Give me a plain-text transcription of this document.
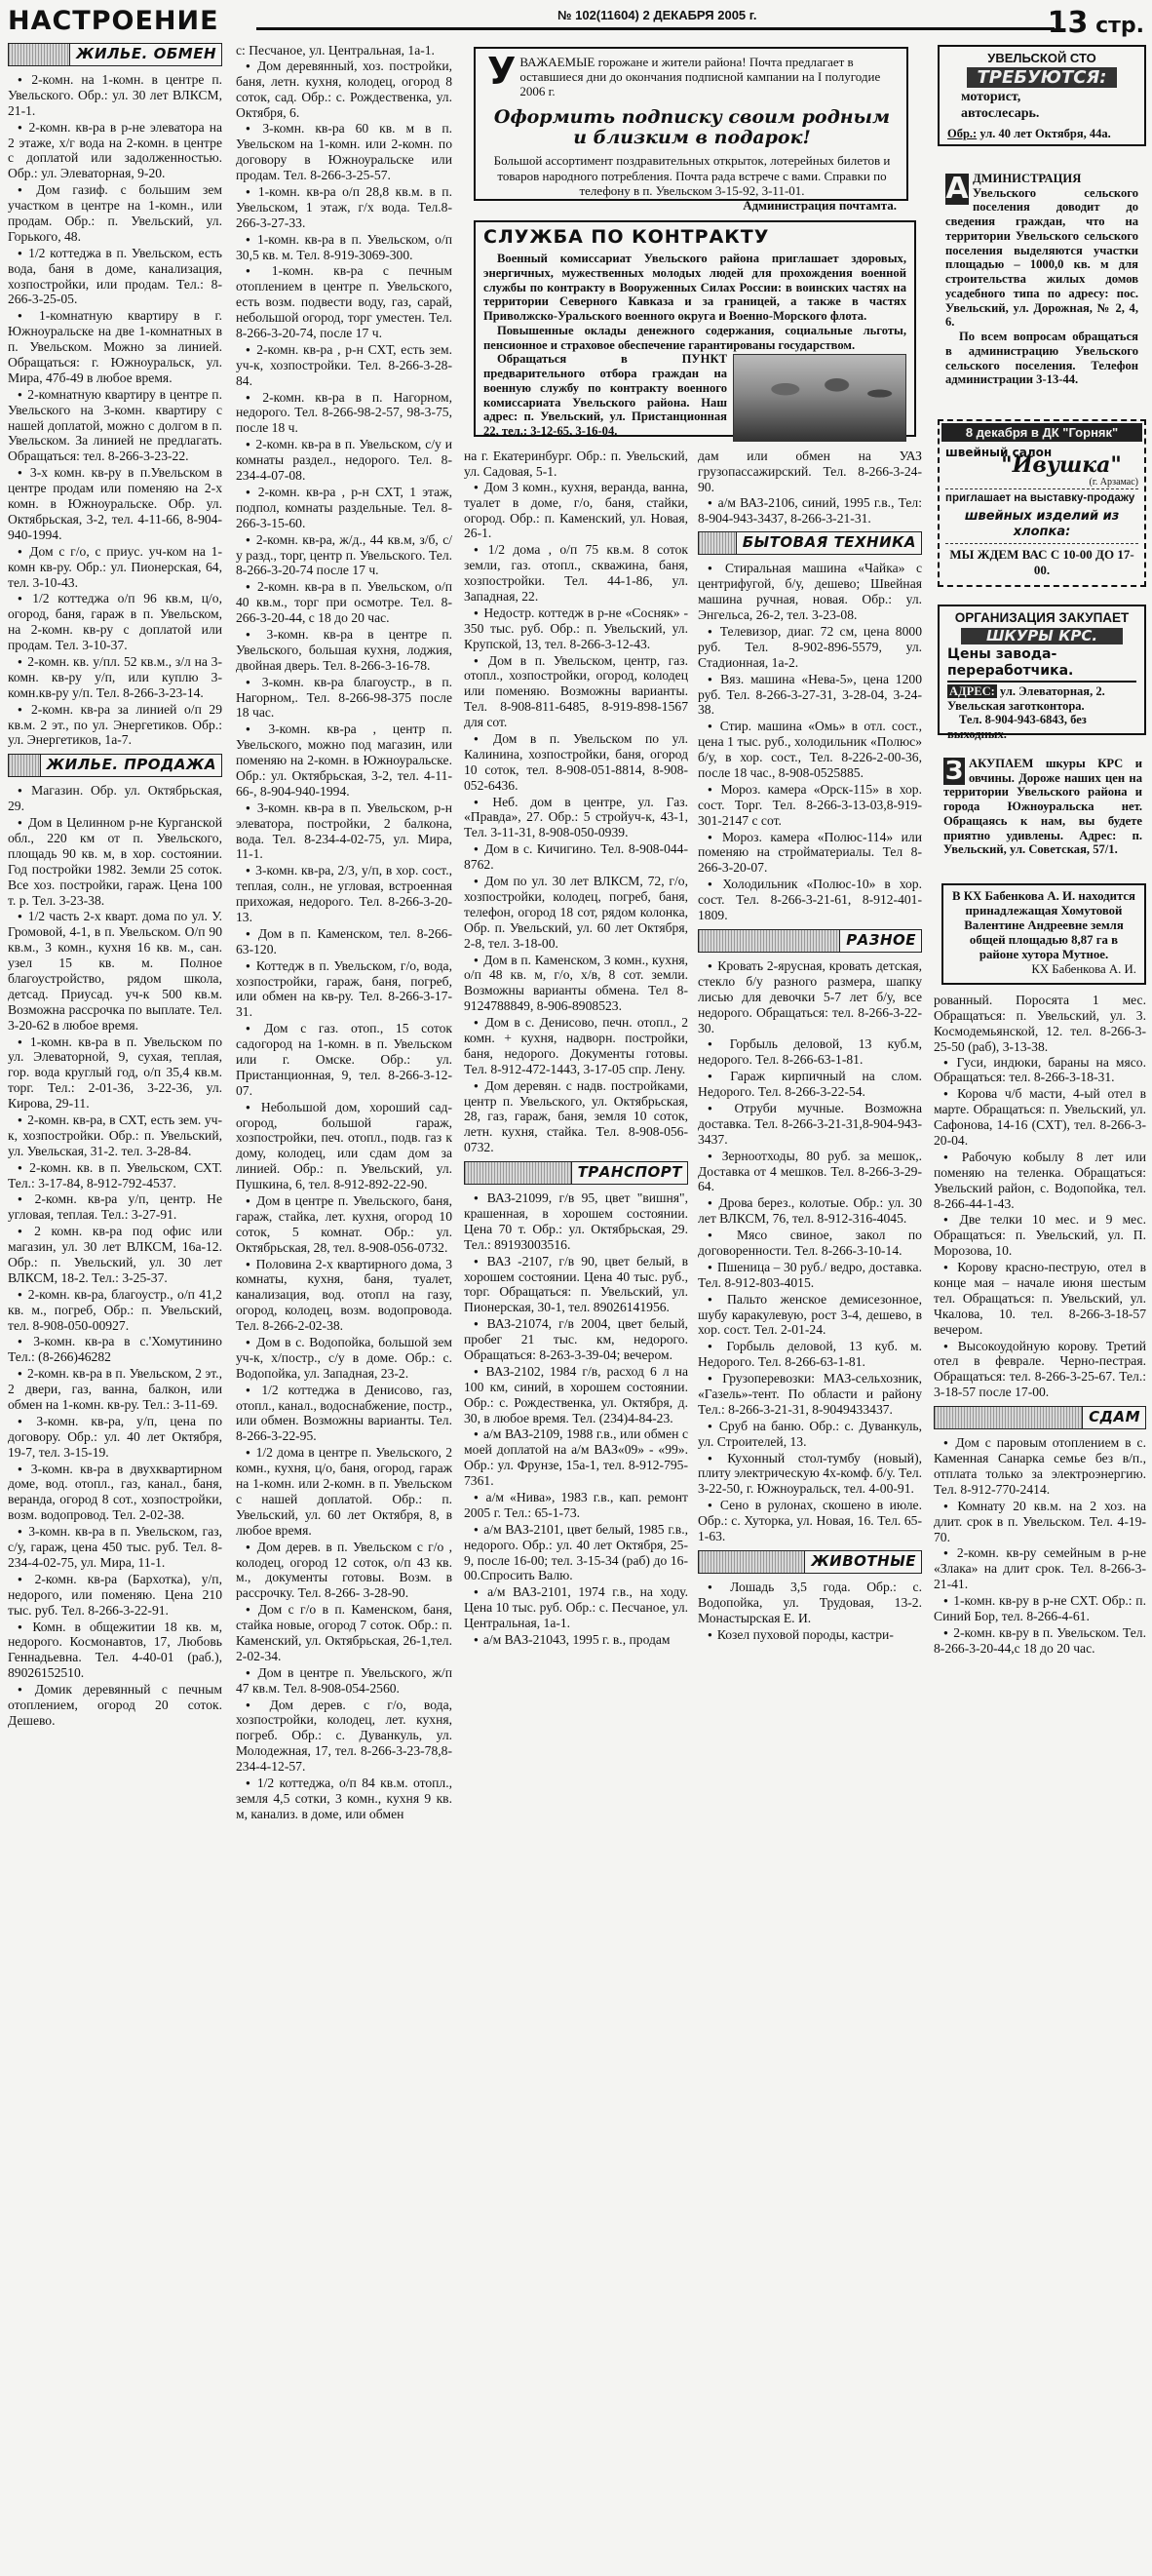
НАСТРОЕНИЕ	№ 102(11604) 2 ДЕКАБРЯ 2005 г.	13 стр.
ЖИЛЬЕ. ОБМЕН

● 2-комн. на 1-комн. в центре п. Увельского. Обр.: ул. 30 лет ВЛКСМ, 21-1.

● 2-комн. кв-ра в р-не элеватора на 2 этаже, х/г вода на 2-комн. в центре с доплатой или задолженностью. Обр.: ул. Элеваторная, 9-20.

● Дом газиф. с большим зем участком в центре на 1-комн., или продам. Обр.: п. Увельский, ул. Горького, 48.

● 1/2 коттеджа в п. Увельском, есть вода, баня в доме, канализация, хозпостройки, или продам. Тел.: 8-266-3-25-05.

● 1-комнатную квартиру в г. Южноуральске на две 1-комнатных в п. Увельском. Можно за линией. Обращаться: г. Южноуральск, ул. Мира, 47б-49 в любое время.

● 2-комнатную квартиру в центре п. Увельского на 3-комн. квартиру с нашей доплатой, можно с долгом в п. Увельском. За линией не предлагать. Обращаться: тел. 8-266-3-23-22.

● 3-х комн. кв-ру в п.Увельском в центре продам или поменяю на 2-х комн. в Южноуральске. Обр. ул. Октябрьская, 3-2, тел. 4-11-66, 8-904-940-1994.

● Дом с г/о, с приус. уч-ком на 1-комн кв-ру. Обр.: ул. Пионерская, 64, тел. 3-10-43.

● 1/2 коттеджа о/п 96 кв.м, ц/о, огород, баня, гараж в п. Увельском, на 2-комн. кв-ру с доплатой или продам. Тел. 3-10-37.

● 2-комн. кв. у/пл. 52 кв.м., з/л на 3-комн. кв-ру у/п, или куплю 3-комн.кв-ру у/п. Тел. 8-266-3-23-14.

● 2-комн. кв-ра за линией о/п 29 кв.м. 2 эт., по ул. Энергетиков. Обр.: ул. Энергетиков, 1а-7.

ЖИЛЬЕ. ПРОДАЖА

● Магазин. Обр. ул. Октябрьская, 29.

● Дом в Целинном р-не Курганской обл., 220 км от п. Увельского, площадь 90 кв. м, в хор. состоянии. Год постройки 1982. Земли 25 соток. Все хоз. постройки, гараж. Цена 100 т. р. Тел. 3-23-38.

● 1/2 часть 2-х кварт. дома по ул. У. Громовой, 4-1, в п. Увельском. О/п 90 кв.м., 3 комн., кухня 16 кв. м., сан. узел 15 кв. м. Полное благоустройство, рядом школа, детсад. Приусад. уч-к 500 кв.м. Возможна рассрочка по выплате. Тел. 3-20-62 в любое время.

● 1-комн. кв-ра в п. Увельском по ул. Элеваторной, 9, сухая, теплая, гор. вода круглый год, о/п 35,4 кв.м. торг. Тел.: 2-01-36, 3-22-36, ул. Кирова, 29-11.

● 2-комн. кв-ра, в СХТ, есть зем. уч-к, хозпостройки. Обр.: п. Увельский, ул. Увельская, 31-2. тел. 3-28-84.

● 2-комн. кв. в п. Увельском, СХТ. Тел.: 3-17-84, 8-912-792-4537.

● 2-комн. кв-ра у/п, центр. Не угловая, теплая. Тел.: 3-27-91.

● 2 комн. кв-ра под офис или магазин, ул. 30 лет ВЛКСМ, 16а-12. Обр.: п. Увельский, ул. 30 лет ВЛКСМ, 18-2. Тел.: 3-25-37.

● 2-комн. кв-ра, благоустр., о/п 41,2 кв. м., погреб, Обр.: п. Увельский, тел. 8-908-050-00927.

● 3-комн. кв-ра в с.'Хомутинино Тел.: (8-266)46282

● 2-комн. кв-ра в п. Увельском, 2 эт., 2 двери, газ, ванна, балкон, или обмен на 1-комн. кв-ру. Тел.: 3-11-69.

● 3-комн. кв-ра, у/п, цена по договору. Обр.: ул. 40 лет Октября, 19-7, тел. 3-15-19.

● 3-комн. кв-ра в двухквартирном доме, вод. отопл., газ, канал., баня, веранда, огород 8 сот., хозпостройки, возм. водопровод. Тел. 2-02-38.

● 3-комн. кв-ра в п. Увельском, газ, с/у, гараж, цена 450 тыс. руб. Тел. 8-234-4-02-75, ул. Мира, 11-1.

● 2-комн. кв-ра (Бархотка), у/п, недорого, или поменяю. Цена 210 тыс. руб. Тел. 8-266-3-22-91.

● Комн. в общежитии 18 кв. м, недорого. Космонавтов, 17, Любовь Геннадьевна. Тел. 4-40-01 (раб.), 89026152510.

● Домик деревянный с печным отоплением, огород 20 соток. Дешево.

с: Песчаное, ул. Центральная, 1а-1.

● Дом деревянный, хоз. постройки, баня, летн. кухня, колодец, огород 8 соток, сад. Обр.: с. Рождественка, ул. Октября, 6.

● 3-комн. кв-ра 60 кв. м в п. Увельском на 1-комн. или 2-комн. по договору в Южноуральске или продам. Тел. 8-266-3-25-57.

● 1-комн. кв-ра о/п 28,8 кв.м. в п. Увельском, 1 этаж, г/х вода. Тел.8-266-3-27-33.

● 1-комн. кв-ра в п. Увельском, о/п 30,5 кв. м. Тел. 8-919-3069-300.

● 1-комн. кв-ра с печным отоплением в центре п. Увельского, есть возм. подвести воду, газ, сарай, небольшой огород, торг уместен. Тел. 8-266-3-20-74, после 17 ч.

● 2-комн. кв-ра , р-н СХТ, есть зем. уч-к, хозпостройки. Тел. 8-266-3-28-84.

● 2-комн. кв-ра в п. Нагорном, недорого. Тел. 8-266-98-2-57, 98-3-75, после 18 ч.

● 2-комн. кв-ра в п. Увельском, с/у и комнаты раздел., недорого. Тел. 8-234-4-07-08.

● 2-комн. кв-ра , р-н СХТ, 1 этаж, подпол, комнаты раздельные. Тел. 8-266-3-15-60.

● 2-комн. кв-ра, ж/д., 44 кв.м, з/б, с/у разд., торг, центр п. Увельского. Тел. 8-266-3-20-74 после 17 ч.

● 2-комн. кв-ра в п. Увельском, о/п 40 кв.м., торг при осмотре. Тел. 8-266-3-20-44, с 18 до 20 час.

● 3-комн. кв-ра в центре п. Увельского, большая кухня, лоджия, двойная дверь. Тел. 8-266-3-16-78.

● 3-комн. кв-ра благоустр., в п. Нагорном,. Тел. 8-266-98-375 после 18 час.

● 3-комн. кв-ра , центр п. Увельского, можно под магазин, или поменяю на 2-комн. в Южноуральске. Обр.: ул. Октябрьская, 3-2, тел. 4-11-66-, 8-904-940-1994.

● 3-комн. кв-ра в п. Увельском, р-н элеватора, постройки, 2 балкона, вода. Тел. 8-234-4-02-75, ул. Мира, 11-1.

● 3-комн. кв-ра, 2/3, у/п, в хор. сост., теплая, солн., не угловая, встроенная прихожая, недорого. Тел. 8-266-3-20-13.

● Дом в п. Каменском, тел. 8-266-63-120.

● Коттедж в п. Увельском, г/о, вода, хозпостройки, гараж, баня, погреб, или обмен на кв-ру. Тел. 8-266-3-17-31.

● Дом с газ. отоп., 15 соток садогород на 1-комн. в п. Увельском или г. Омске. Обр.: ул. Пристанционная, 9, тел. 8-266-3-12-07.

● Небольшой дом, хороший сад-огород, большой гараж, хозпостройки, печ. отопл., подв. газ к дому, колодец, или сдам дом за линией. Обр.: п. Увельский, ул. Пушкина, 6, тел. 8-912-892-22-90.

● Дом в центре п. Увельского, баня, гараж, стайка, лет. кухня, огород 10 соток, 5 комнат. Обр.: ул. Октябрьская, 28, тел. 8-908-056-0732.

● Половина 2-х квартирного дома, 3 комнаты, кухня, баня, туалет, канализация, вод. отопл на газу, огород, колодец, возм. водопровода. Тел. 8-266-2-02-38.

● Дом в с. Водопойка, большой зем уч-к, х/постр., с/у в доме. Обр.: с. Водопойка, ул. Западная, 23-2.

● 1/2 коттеджа в Денисово, газ, отопл., канал., водоснабжение, постр., или обмен. Возможны варианты. Тел. 8-266-3-22-95.

● 1/2 дома в центре п. Увельского, 2 комн., кухня, ц/о, баня, огород, гараж на 1-комн. или 2-комн. в п. Увельском с нашей доплатой. Обр.: п. Увельский, ул. 60 лет Октября, 8, в любое время.

● Дом дерев. в п. Увельском с г/о , колодец, огород 12 соток, о/п 43 кв. м., документы готовы. Возм. в рассрочку. Тел. 8-266- 3-28-90.

● Дом с г/о в п. Каменском, баня, стайка новые, огород 7 соток. Обр.: п. Каменский, ул. Октябрьская, 26-1,тел. 2-02-34.

● Дом в центре п. Увельского, ж/п 47 кв.м. Тел. 8-908-054-2560.

● Дом дерев. с г/о, вода, хозпостройки, колодец, лет. кухня, погреб. Обр.: с. Дуванкуль, ул. Молодежная, 17, тел. 8-266-3-23-78,8-234-4-12-57.

● 1/2 коттеджа, о/п 84 кв.м. отопл., земля 4,5 сотки, 3 комн., кухня 9 кв. м, канализ. в доме, или обмен

У ВАЖАЕМЫЕ горожане и жители района! Почта предлагает в оставшиеся дни до окончания подписной кампании на I полугодие 2006 г.
Оформить подписку своим родным и близким в подарок!
Большой ассортимент поздравительных открыток, лотерейных билетов и товаров народного потребления. Почта рада встрече с вами. Справки по телефону в п. Увельском 3-15-92, 3-11-01.
Администрация почтамта.
СЛУЖБА ПО КОНТРАКТУ
Военный комиссариат Увельского района приглашает здоровых, энергичных, мужественных молодых людей для прохождения военной службы по контракту в Вооруженных Силах России: в воинских частях на территории Северного Кавказа и за границей, а также в частях Приволжско-Уральского военного округа и Военно-Морского флота.
Повышенные оклады денежного содержания, социальные льготы, пенсионное и страховое обеспечение гарантированы государством.
Обращаться в ПУНКТ предварительного отбора граждан на военную службу по контракту военного комиссариата Увельского района. Наш адрес: п. Увельский, ул. Пристанционная 22, тел.: 3-12-65, 3-16-04.

на г. Екатеринбург. Обр.: п. Увельский, ул. Садовая, 5-1.

● Дом 3 комн., кухня, веранда, ванна, туалет в доме, г/о, баня, стайки, огород. Обр.: п. Каменский, ул. Новая, 26-1.

● 1/2 дома , о/п 75 кв.м. 8 соток земли, газ. отопл., скважина, баня, хозпостройки. Тел. 44-1-86, ул. Западная, 22.

● Недостр. коттедж в р-не «Сосняк» - 350 тыс. руб. Обр.: п. Увельский, ул. Крупской, 13, тел. 8-266-3-12-43.

● Дом в п. Увельском, центр, газ. отопл., хозпостройки, огород, колодец или поменяю. Возможны варианты. Тел. 8-908-811-6485, 8-919-898-1567 для сот.

● Дом в п. Увельском по ул. Калинина, хозпостройки, баня, огород 10 соток, тел. 8-908-051-8814, 8-908-052-6436.

● Неб. дом в центре, ул. Газ. «Правда», 27. Обр.: 5 стройуч-к, 43-1, Тел. 3-11-31, 8-908-050-0939.

● Дом в с. Кичигино. Тел. 8-908-044-8762.

● Дом по ул. 30 лет ВЛКСМ, 72, г/о, хозпостройки, колодец, погреб, баня, телефон, огород 18 сот, рядом колонка, Обр. п. Увельский, ул. 60 лет Октября, 2-8, тел. 3-18-00.

● Дом в п. Каменском, 3 комн., кухня, о/п 48 кв. м, г/о, х/в, 8 сот. земли. Возможны варианты обмена. Тел 8-9124788849, 8-906-8908523.

● Дом в с. Денисово, печн. отопл., 2 комн. + кухня, надворн. постройки, баня, недорого. Документы готовы. Тел. 8-912-472-1443, 3-17-05 спр. Лену.

● Дом деревян. с надв. постройками, центр п. Увельского, ул. Октябрьская, 28, газ, гараж, баня, земля 10 соток, летн. кухня, стайка. Тел. 8-908-056-0732.

ТРАНСПОРТ

● ВАЗ-21099, г/в 95, цвет "вишня", крашенная, в хорошем состоянии. Цена 70 т. Обр.: ул. Октябрьская, 29. Тел.: 89193003516.

● ВАЗ -2107, г/в 90, цвет белый, в хорошем состоянии. Цена 40 тыс. руб., торг. Обращаться: п. Увельский, ул. Пионерская, 30-1, тел. 89026141956.

● ВАЗ-21074, г/в 2004, цвет белый, пробег 21 тыс. км, недорого. Обращаться: 8-263-3-39-04; вечером.

● ВАЗ-2102, 1984 г/в, расход 6 л на 100 км, синий, в хорошем состоянии. Обр.: с. Рождественка, ул. Октября, д. 30, в любое время. Тел. (234)4-84-23.

● а/м ВАЗ-2109, 1988 г.в., или обмен с моей доплатой на а/м ВАЗ«09» - «99». Обр.: ул. Фрунзе, 15а-1, тел. 8-912-795-7361.

● а/м «Нива», 1983 г.в., кап. ремонт 2005 г. Тел.: 65-1-73.

● а/м ВАЗ-2101, цвет белый, 1985 г.в., недорого. Обр.: ул. 40 лет Октября, 25-9, после 16-00; тел. 3-15-34 (раб) до 16-00.Спросить Валю.

● а/м ВАЗ-2101, 1974 г.в., на ходу. Цена 10 тыс. руб. Обр.: с. Песчаное, ул. Центральная, 1а-1.

● а/м ВАЗ-21043, 1995 г. в., продам

дам или обмен на УАЗ грузопассажирский. Тел. 8-266-3-24-90.

● а/м ВАЗ-2106, синий, 1995 г.в., Тел: 8-904-943-3437, 8-266-3-21-31.

БЫТОВАЯ ТЕХНИКА

● Стиральная машина «Чайка» с центрифугой, б/у, дешево; Швейная машина ручная, новая. Обр.: ул. Энгельса, 26-2, тел. 3-23-08.

● Телевизор, диаг. 72 см, цена 8000 руб. Тел. 8-902-896-5579, ул. Стадионная, 1а-2.

● Вяз. машина «Нева-5», цена 1200 руб. Тел. 8-266-3-27-31, 3-28-04, 3-24-38.

● Стир. машина «Омь» в отл. сост., цена 1 тыс. руб., холодильник «Полюс» б/у, в хор. сост., Тел. 8-226-2-00-36, после 18 час., 8-908-0525885.

● Мороз. камера «Орск-115» в хор. сост. Торг. Тел. 8-266-3-13-03,8-919-301-2147 с сот.

● Мороз. камера «Полюс-114» или поменяю на стройматериалы. Тел 8-266-3-20-07.

● Холодильник «Полюс-10» в хор. сост. Тел. 8-266-3-21-61, 8-912-401-1809.

РАЗНОЕ

● Кровать 2-ярусная, кровать детская, стекло б/у разного размера, шапку лисью для девочки 5-7 лет б/у, все недорого. Обращаться: тел. 8-266-3-22-30.

● Горбыль деловой, 13 куб.м, недорого. Тел. 8-266-63-1-81.

● Гараж кирпичный на слом. Недорого. Тел. 8-266-3-22-54.

● Отруби мучные. Возможна доставка. Тел. 8-266-3-21-31,8-904-943-3437.

● Зерноотходы, 80 руб. за мешок,. Доставка от 4 мешков. Тел. 8-266-3-29-64.

● Дрова берез., колотые. Обр.: ул. 30 лет ВЛКСМ, 76, тел. 8-912-316-4045.

● Мясо свиное, закол по договоренности. Тел. 8-266-3-10-14.

● Пшеница – 30 руб./ ведро, доставка. Тел. 8-912-803-4015.

● Пальто женское демисезонное, шубу каракулевую, рост 3-4, дешево, в хор. сост. Тел. 2-01-24.

● Горбыль деловой, 13 куб. м. Недорого. Тел. 8-266-63-1-81.

● Грузоперевозки: МАЗ-сельхозник, «Газель»-тент. По области и району Тел.: 8-266-3-21-31, 8-9049433437.

● Сруб на баню. Обр.: с. Дуванкуль, ул. Строителей, 13.

● Кухонный стол-тумбу (новый), плиту электрическую 4х-комф. б/у. Тел. 3-22-50, г. Южноуральск, тел. 4-00-91.

● Сено в рулонах, скошено в июле. Обр.: с. Хуторка, ул. Новая, 16. Тел. 65-1-63.

ЖИВОТНЫЕ

● Лошадь 3,5 года. Обр.: с. Водопойка, ул. Трудовая, 13-2. Монастырская Е. И.

● Козел пуховой породы, кастри-

УВЕЛЬСКОЙ СТО
ТРЕБУЮТСЯ:
моторист,
автослесарь.
Обр.: ул. 40 лет Октября, 44а.
А ДМИНИСТРАЦИЯ Увельского сельского поселения доводит до сведения граждан, что на территории Увельского сельского поселения выделяются участки площадью – 1000,0 кв. м для строительства жилых домов усадебного типа по адресу: пос. Увельский, ул. Дорожная, № 2, 4, 6.
По всем вопросам обращаться в администрацию Увельского сельского поселения. Телефон администрации 3-13-44.
8 декабря в ДК "Горняк"
швейный салон
"Ивушка"
(г. Арзамас)
приглашает на выставку-продажу
швейных изделий из хлопка:
МЫ ЖДЕМ ВАС С 10-00 ДО 17-00.
ОРГАНИЗАЦИЯ ЗАКУПАЕТ
ШКУРЫ КРС.
Цены завода-переработчика.
АДРЕС: ул. Элеваторная, 2. Увельская заготконтора.
Тел. 8-904-943-6843, без выходных.
З АКУПАЕМ шкуры КРС и овчины. Дороже наших цен на территории Увельского района и города Южноуральска нет. Обращаясь к нам, вы будете приятно удивлены. Адрес: п. Увельский, ул. Советская, 57/1.
В КХ Бабенкова А. И. находится принадлежащая Хомутовой Валентине Андреевне земля общей площадью 8,87 га в районе хутора Мутное.
КХ Бабенкова А. И.

рованный. Поросята 1 мес. Обращаться: п. Увельский, ул. 3. Космодемьянской, 12. тел. 8-266-3-25-50 (раб), 3-13-38.

● Гуси, индюки, бараны на мясо. Обращаться: тел. 8-266-3-18-31.

● Корова ч/б масти, 4-ый отел в марте. Обращаться: п. Увельский, ул. Сафонова, 14-16 (СХТ), тел. 8-266-3-20-04.

● Рабочую кобылу 8 лет или поменяю на теленка. Обращаться: Увельский район, с. Водопойка, тел. 8-266-44-1-43.

● Две телки 10 мес. и 9 мес. Обращаться: п. Увельский, ул. П. Морозова, 10.

● Корову красно-пеструю, отел в конце мая – начале июня шестым тел. Обращаться: п. Увельский, ул. Чкалова, 10. тел. 8-266-3-18-57 вечером.

● Высокоудойную корову. Третий отел в феврале. Черно-пестрая. Обращаться: тел. 8-266-3-25-67. Тел.: 3-18-57 после 17-00.

СДАМ

● Дом с паровым отоплением в с. Каменная Санарка семье без в/п., отплата только за электроэнергию. Тел. 8-912-770-2414.

● Комнату 20 кв.м. на 2 хоз. на длит. срок в п. Увельском. Тел. 4-19-70.

● 2-комн. кв-ру семейным в р-не «Злака» на длит срок. Тел. 8-266-3-21-41.

● 1-комн. кв-ру в р-не СХТ. Обр.: п. Синий Бор, тел. 8-266-4-61.

● 2-комн. кв-ру в п. Увельском. Тел. 8-266-3-20-44,с 18 до 20 час.
